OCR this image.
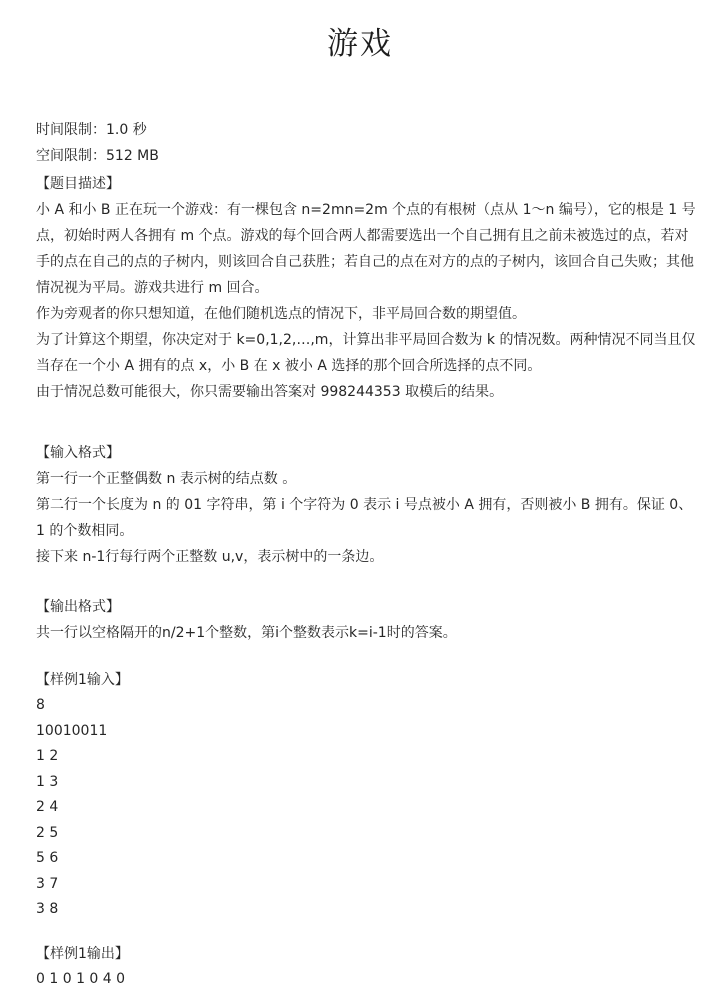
游戏
时间限制：1.0 秒
空间限制：512 MB
【题目描述】
小 A 和小 B 正在玩一个游戏：有一棵包含 n=2mn=2m 个点的有根树（点从 1～n 编号），它的根是 1 号点，初始时两人各拥有 m 个点。游戏的每个回合两人都需要选出一个自己拥有且之前未被选过的点，若对手的点在自己的点的子树内，则该回合自己获胜；若自己的点在对方的点的子树内，该回合自己失败；其他情况视为平局。游戏共进行 m 回合。
作为旁观者的你只想知道，在他们随机选点的情况下，非平局回合数的期望值。
为了计算这个期望，你决定对于 k=0,1,2,…,m，计算出非平局回合数为 k 的情况数。两种情况不同当且仅当存在一个小 A 拥有的点 x，小 B 在 x 被小 A 选择的那个回合所选择的点不同。
由于情况总数可能很大，你只需要输出答案对 998244353 取模后的结果。
【输入格式】
第一行一个正整偶数 n 表示树的结点数 。
第二行一个长度为 n 的 01 字符串，第 i 个字符为 0 表示 i 号点被小 A 拥有，否则被小 B 拥有。保证 0、1 的个数相同。
接下来 n-1行每行两个正整数 u,v，表示树中的一条边。
【输出格式】
共一行以空格隔开的n/2+1个整数，第i个整数表示k=i-1时的答案。
【样例1输入】
8
10010011
1 2
1 3
2 4
2 5
5 6
3 7
3 8
【样例1输出】
0 1 0 1 0 4 0
